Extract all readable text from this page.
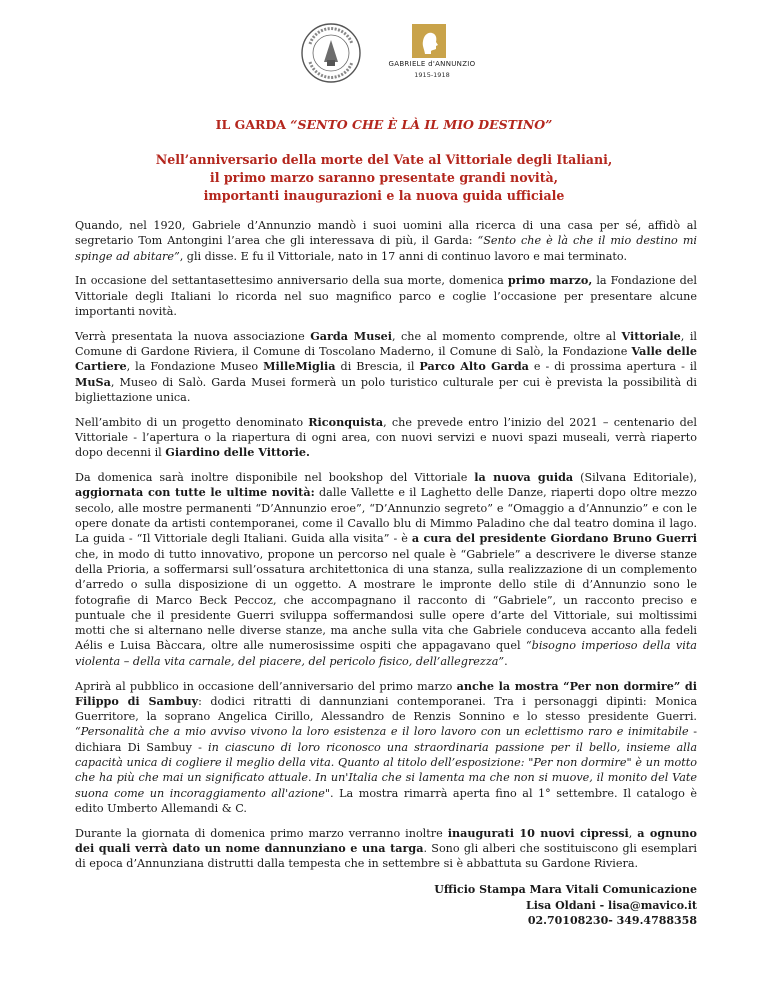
GABRIELE d'ANNUNZIO
1915-1918
IL GARDA “SENTO CHE È LÀ IL MIO DESTINO”
Nell’anniversario della morte del Vate al Vittoriale degli Italiani,
il primo marzo saranno presentate grandi novità,
importanti inaugurazioni e la nuova guida ufficiale

Quando, nel 1920, Gabriele d’Annunzio mandò i suoi uomini alla ricerca di una casa per sé, affidò al segretario Tom Antongini l’area che gli interessava di più, il Garda: “Sento che è là che il mio destino mi spinge ad abitare”, gli disse. E fu il Vittoriale, nato in 17 anni di continuo lavoro e mai terminato.

In occasione del settantasettesimo anniversario della sua morte, domenica primo marzo, la Fondazione del Vittoriale degli Italiani lo ricorda nel suo magnifico parco e coglie l’occasione per presentare alcune importanti novità.

Verrà presentata la nuova associazione Garda Musei, che al momento comprende, oltre al Vittoriale, il Comune di Gardone Riviera, il Comune di Toscolano Maderno, il Comune di Salò, la Fondazione Valle delle Cartiere, la Fondazione Museo MilleMiglia di Brescia, il Parco Alto Garda e - di prossima apertura - il MuSa, Museo di Salò. Garda Musei formerà un polo turistico culturale per cui è prevista la possibilità di bigliettazione unica.

Nell’ambito di un progetto denominato Riconquista, che prevede entro l’inizio del 2021 – centenario del Vittoriale - l’apertura o la riapertura di ogni area, con nuovi servizi e nuovi spazi museali, verrà riaperto dopo decenni il Giardino delle Vittorie.

Da domenica sarà inoltre disponibile nel bookshop del Vittoriale la nuova guida (Silvana Editoriale), aggiornata con tutte le ultime novità: dalle Vallette e il Laghetto delle Danze, riaperti dopo oltre mezzo secolo, alle mostre permanenti “D’Annunzio eroe”, “D’Annunzio segreto” e “Omaggio a d’Annunzio” e con le opere donate da artisti contemporanei, come il Cavallo blu di Mimmo Paladino che dal teatro domina il lago. La guida - “Il Vittoriale degli Italiani. Guida alla visita” - è a cura del presidente Giordano Bruno Guerri che, in modo di tutto innovativo, propone un percorso nel quale è “Gabriele” a descrivere le diverse stanze della Prioria, a soffermarsi sull’ossatura architettonica di una stanza, sulla realizzazione di un complemento d’arredo o sulla disposizione di un oggetto. A mostrare le impronte dello stile di d’Annunzio sono le fotografie di Marco Beck Peccoz, che accompagnano il racconto di “Gabriele”, un racconto preciso e puntuale che il presidente Guerri sviluppa soffermandosi sulle opere d’arte del Vittoriale, sui moltissimi motti che si alternano nelle diverse stanze, ma anche sulla vita che Gabriele conduceva accanto alla fedeli Aélis e Luisa Bàccara, oltre alle numerosissime ospiti che appagavano quel “bisogno imperioso della vita violenta – della vita carnale, del piacere, del pericolo fisico, dell’allegrezza”.

Aprirà al pubblico in occasione dell’anniversario del primo marzo anche la mostra “Per non dormire” di Filippo di Sambuy: dodici ritratti di dannunziani contemporanei. Tra i personaggi dipinti: Monica Guerritore, la soprano Angelica Cirillo, Alessandro de Renzis Sonnino e lo stesso presidente Guerri. “Personalità che a mio avviso vivono la loro esistenza e il loro lavoro con un eclettismo raro e inimitabile - dichiara Di Sambuy - in ciascuno di loro riconosco una straordinaria passione per il bello, insieme alla capacità unica di cogliere il meglio della vita. Quanto al titolo dell’esposizione: "Per non dormire" è un motto che ha più che mai un significato attuale. In un'Italia che si lamenta ma che non si muove, il monito del Vate suona come un incoraggiamento all'azione". La mostra rimarrà aperta fino al 1° settembre. Il catalogo è edito Umberto Allemandi & C.

Durante la giornata di domenica primo marzo verranno inoltre inaugurati 10 nuovi cipressi, a ognuno dei quali verrà dato un nome dannunziano e una targa. Sono gli alberi che sostituiscono gli esemplari di epoca d’Annunziana distrutti dalla tempesta che in settembre si è abbattuta su Gardone Riviera.

Ufficio Stampa Mara Vitali Comunicazione
Lisa Oldani - lisa@mavico.it
02.70108230- 349.4788358
